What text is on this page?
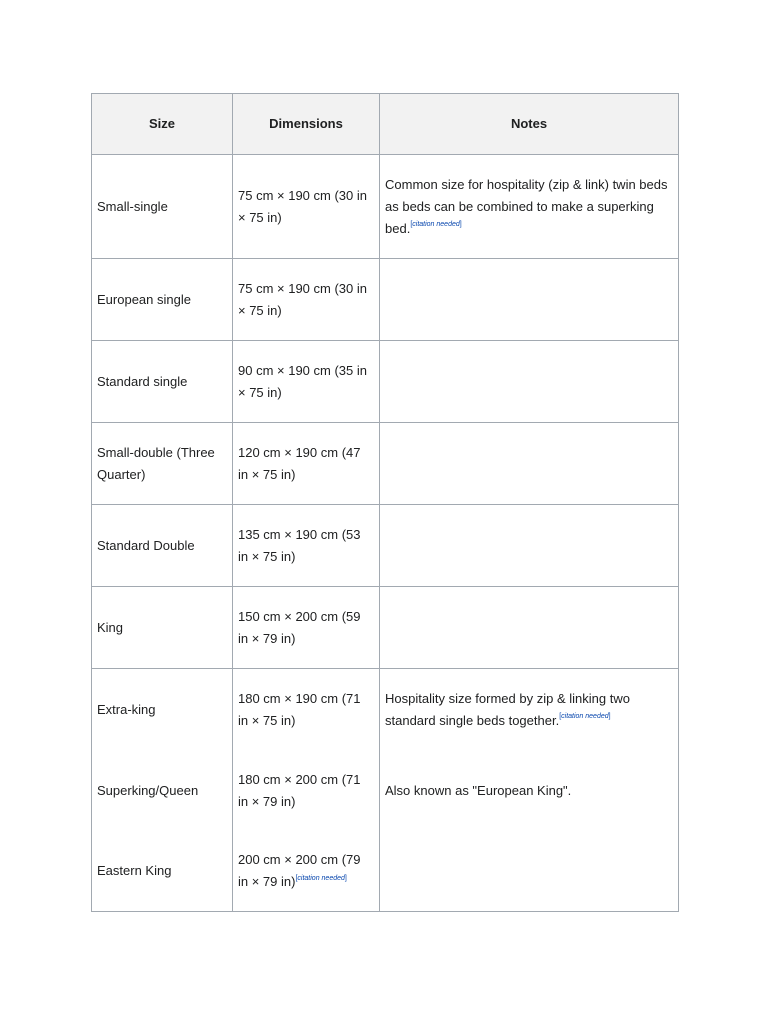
Size	Dimensions	Notes
Small-single	75 cm × 190 cm (30 in × 75 in)	Common size for hospitality (zip & link) twin beds as beds can be combined to make a superking bed.[citation needed]
European single	75 cm × 190 cm (30 in × 75 in)	
Standard single	90 cm × 190 cm (35 in × 75 in)	
Small-double (Three Quarter)	120 cm × 190 cm (47 in × 75 in)	
Standard Double	135 cm × 190 cm (53 in × 75 in)	
King	150 cm × 200 cm (59 in × 79 in)	
Extra-king	180 cm × 190 cm (71 in × 75 in)	Hospitality size formed by zip & linking two standard single beds together.[citation needed]
Superking/Queen	180 cm × 200 cm (71 in × 79 in)	Also known as "European King".
Eastern King	200 cm × 200 cm (79 in × 79 in)[citation needed]	
